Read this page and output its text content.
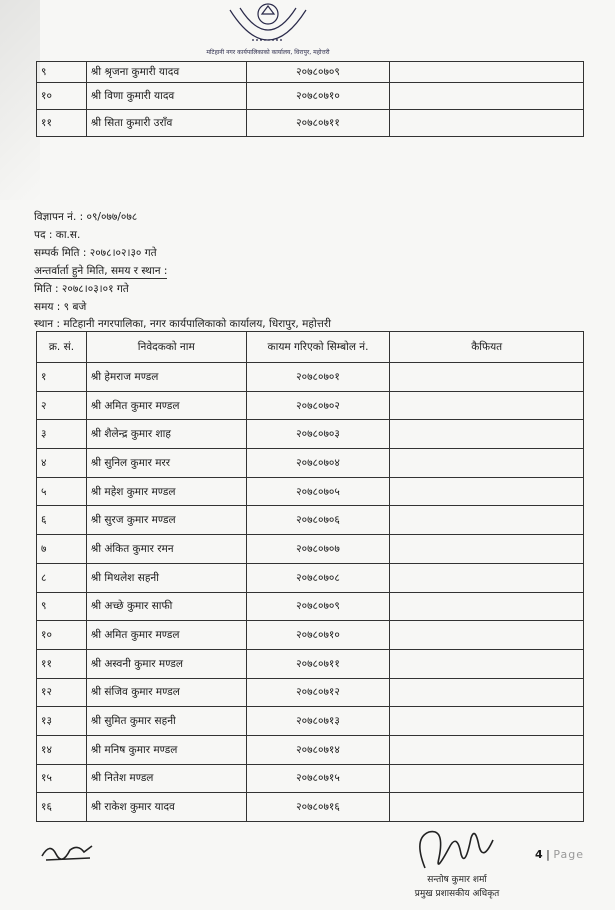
मटिहानी नगर कार्यपालिकाको कार्यालय, धिरापुर, महोत्तरी
९	श्री श्रृजना कुमारी यादव	२०७८०७०९	
१०	श्री विणा कुमारी यादव	२०७८०७१०	
११	श्री सिता कुमारी उराँव	२०७८०७११	
विज्ञापन नं. : ०९/०७७/०७८
पद : का.स.
सम्पर्क मिति : २०७८।०२।३० गते
अन्तर्वार्ता हुने मिति, समय र स्थान :
मिति : २०७८।०३।०१ गते
समय : ९ बजे
स्थान : मटिहानी नगरपालिका, नगर कार्यपालिकाको कार्यालय, धिरापुर, महोत्तरी
क्र. सं.	निवेदकको नाम	कायम गरिएको सिम्बोल नं.	कैफियत
१	श्री हेमराज मण्डल	२०७८०७०१	
२	श्री अमित कुमार मण्डल	२०७८०७०२	
३	श्री शैलेन्द्र कुमार शाह	२०७८०७०३	
४	श्री सुनिल कुमार मरर	२०७८०७०४	
५	श्री महेश कुमार मण्डल	२०७८०७०५	
६	श्री सुरज कुमार मण्डल	२०७८०७०६	
७	श्री अंकित कुमार रमन	२०७८०७०७	
८	श्री मिथलेश सहनी	२०७८०७०८	
९	श्री अच्छे कुमार साफी	२०७८०७०९	
१०	श्री अमित कुमार मण्डल	२०७८०७१०	
११	श्री अस्वनी कुमार मण्डल	२०७८०७११	
१२	श्री संजिव कुमार मण्डल	२०७८०७१२	
१३	श्री सुमित कुमार सहनी	२०७८०७१३	
१४	श्री मनिष कुमार मण्डल	२०७८०७१४	
१५	श्री नितेश मण्डल	२०७८०७१५	
१६	श्री राकेश कुमार यादव	२०७८०७१६	
सन्तोष कुमार शर्मा
प्रमुख प्रशासकीय अधिकृत
4 | Page
